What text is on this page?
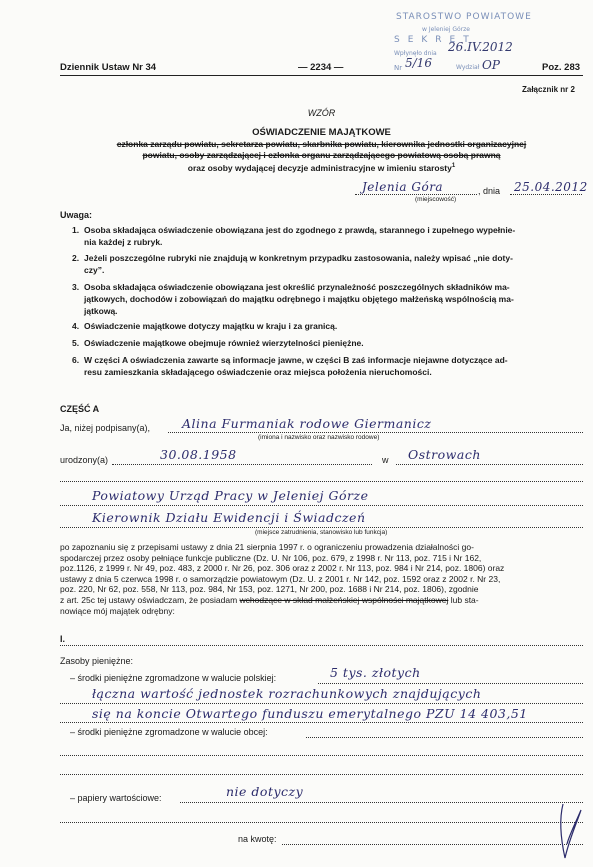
STAROSTWO POWIATOWE
w Jeleniej Górze
SEKRET
Wpłynęło dnia
Nr	Wydział
26.IV.2012
5/16	OP
Dziennik Ustaw Nr 34	— 2234 —	Poz. 283
Załącznik nr 2
WZÓR
OŚWIADCZENIE MAJĄTKOWE
członka zarządu powiatu, sekretarza powiatu, skarbnika powiatu, kierownika jednostki organizacyjnej
powiatu, osoby zarządzającej i członka organu zarządzającego powiatową osobą prawną
oraz osoby wydającej decyzje administracyjne w imieniu starosty$^1$
Jelenia Góra	, dnia 25.04.2012
(miejscowość)
Uwaga:
1. Osoba składająca oświadczenie obowiązana jest do zgodnego z prawdą, starannego i zupełnego wypełnie-
nia każdej z rubryk.
2. Jeżeli poszczególne rubryki nie znajdują w konkretnym przypadku zastosowania, należy wpisać „nie doty-
czy”.
3. Osoba składająca oświadczenie obowiązana jest określić przynależność poszczególnych składników ma-
jątkowych, dochodów i zobowiązań do majątku odrębnego i majątku objętego małżeńską wspólnością ma-
jątkową.
4. Oświadczenie majątkowe dotyczy majątku w kraju i za granicą.
5. Oświadczenie majątkowe obejmuje również wierzytelności pieniężne.
6. W części A oświadczenia zawarte są informacje jawne, w części B zaś informacje niejawne dotyczące ad-
resu zamieszkania składającego oświadczenie oraz miejsca położenia nieruchomości.
CZĘŚĆ A
Ja, niżej podpisany(a),	Alina Furmaniak rodowe Giermanicz
(imiona i nazwisko oraz nazwisko rodowe)
urodzony(a)	30.08.1958	w Ostrowach
Powiatowy Urząd Pracy w Jeleniej Górze
Kierownik Działu Ewidencji i Świadczeń
(miejsce zatrudnienia, stanowisko lub funkcja)
po zapoznaniu się z przepisami ustawy z dnia 21 sierpnia 1997 r. o ograniczeniu prowadzenia działalności go-
spodarczej przez osoby pełniące funkcje publiczne (Dz. U. Nr 106, poz. 679, z 1998 r. Nr 113, poz. 715 i Nr 162,
poz.1126, z 1999 r. Nr 49, poz. 483, z 2000 r. Nr 26, poz. 306 oraz z 2002 r. Nr 113, poz. 984 i Nr 214, poz. 1806) oraz
ustawy z dnia 5 czerwca 1998 r. o samorządzie powiatowym (Dz. U. z 2001 r. Nr 142, poz. 1592 oraz z 2002 r. Nr 23,
poz. 220, Nr 62, poz. 558, Nr 113, poz. 984, Nr 153, poz. 1271, Nr 200, poz. 1688 i Nr 214, poz. 1806), zgodnie
z art. 25c tej ustawy oświadczam, że posiadam wchodzące w skład małżeńskiej wspólności majątkowej lub sta-
nowiące mój majątek odrębny:
I.
Zasoby pieniężne:
– środki pieniężne zgromadzone w walucie polskiej:	5 tys. złotych
łączna wartość jednostek rozrachunkowych znajdujących
się na koncie Otwartego funduszu emerytalnego PZU 14 403,51
– środki pieniężne zgromadzone w walucie obcej:
– papiery wartościowe:	nie dotyczy
na kwotę:
